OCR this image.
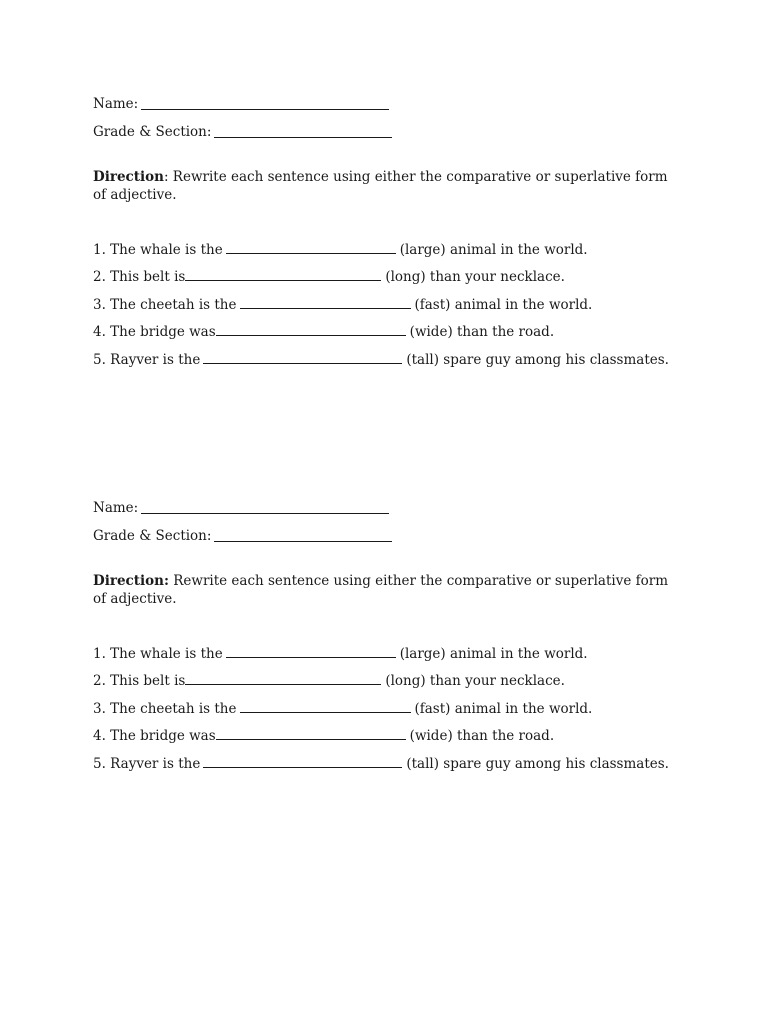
Name:
Grade & Section:
Direction: Rewrite each sentence using either the comparative or superlative form of adjective.
1. The whale is the	(large) animal in the world.
2. This belt is	(long) than your necklace.
3. The cheetah is the	(fast) animal in the world.
4. The bridge was	(wide) than the road.
5. Rayver is the	(tall) spare guy among his classmates.
Name:
Grade & Section:
Direction: Rewrite each sentence using either the comparative or superlative form of adjective.
1. The whale is the	(large) animal in the world.
2. This belt is	(long) than your necklace.
3. The cheetah is the	(fast) animal in the world.
4. The bridge was	(wide) than the road.
5. Rayver is the	(tall) spare guy among his classmates.
